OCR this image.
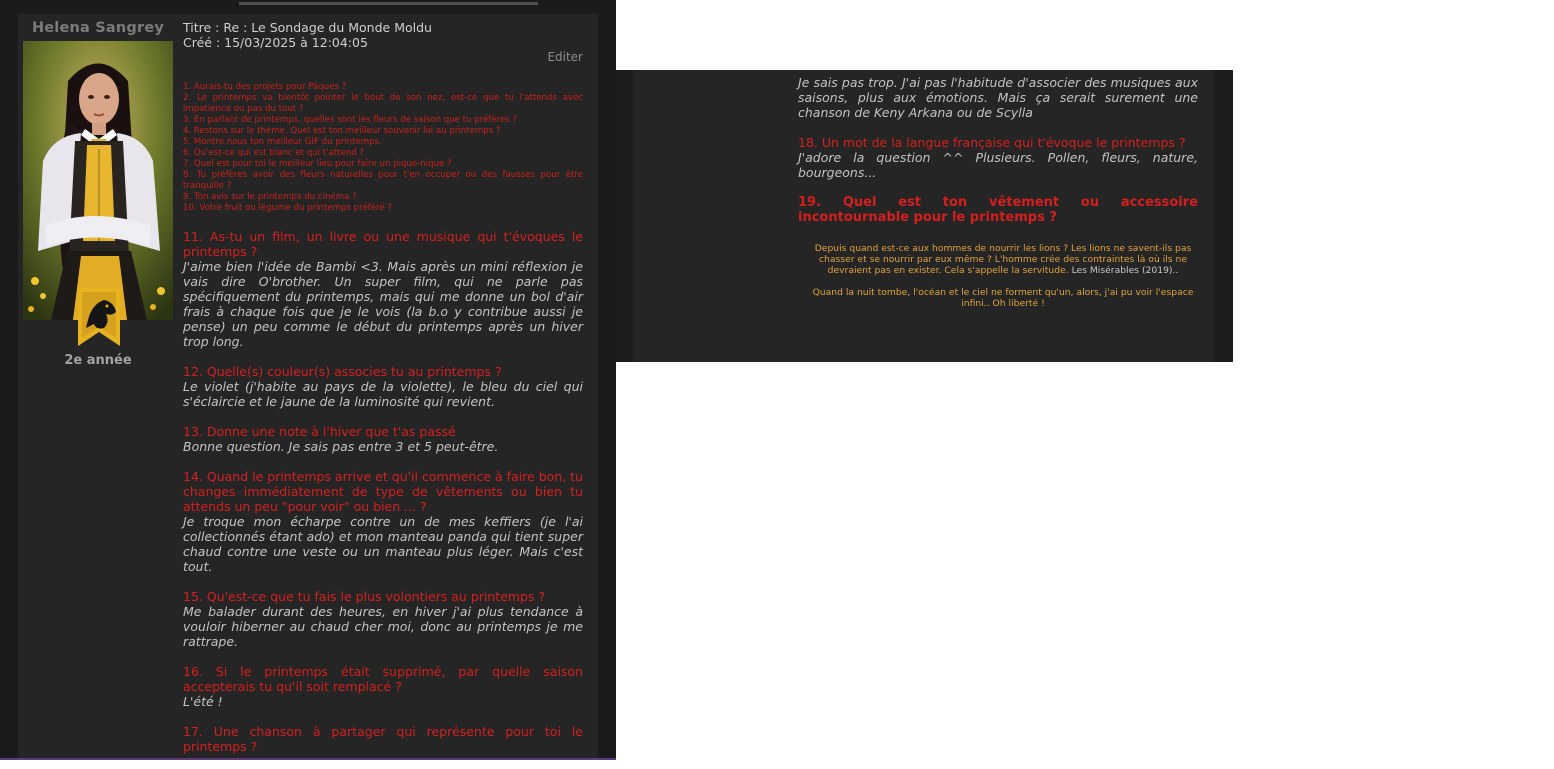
Helena Sangrey
2e année
Titre : Re : Le Sondage du Monde Moldu
Créé : 15/03/2025 à 12:04:05
Editer
1. Aurais-tu des projets pour Pâques ?
2. Le printemps va bientôt pointer le bout de son nez, est-ce que tu l'attends avec impatience ou pas du tout ?
3. En parlant de printemps, quelles sont les fleurs de saison que tu préfères ?
4. Restons sur le thème. Quel est ton meilleur souvenir lié au printemps ?
5. Montre nous ton meilleur GIF du printemps.
6. Qu'est-ce qui est blanc et qui t'attend ?
7. Quel est pour toi le meilleur lieu pour faire un pique-nique ?
8. Tu préfères avoir des fleurs naturelles pour t'en occuper ou des fausses pour être tranquille ?
9. Ton avis sur le printemps du cinéma ?
10. Votre fruit ou légume du printemps préféré ?

11. As-tu un film, un livre ou une musique qui t'évoques le printemps ?

J'aime bien l'idée de Bambi <3. Mais après un mini réflexion je vais dire O'brother. Un super film, qui ne parle pas spécifiquement du printemps, mais qui me donne un bol d'air frais à chaque fois que je le vois (la b.o y contribue aussi je pense) un peu comme le début du printemps après un hiver trop long.

12. Quelle(s) couleur(s) associes tu au printemps ?

Le violet (j'habite au pays de la violette), le bleu du ciel qui s'éclaircie et le jaune de la luminosité qui revient.

13. Donne une note à l'hiver que t'as passé

Bonne question. Je sais pas entre 3 et 5 peut-être.

14. Quand le printemps arrive et qu'il commence à faire bon, tu changes immédiatement de type de vêtements ou bien tu attends un peu "pour voir" ou bien ... ?

Je troque mon écharpe contre un de mes keffiers (je l'ai collectionnés étant ado) et mon manteau panda qui tient super chaud contre une veste ou un manteau plus léger. Mais c'est tout.

15. Qu'est-ce que tu fais le plus volontiers au printemps ?

Me balader durant des heures, en hiver j'ai plus tendance à vouloir hiberner au chaud cher moi, donc au printemps je me rattrape.

16. Si le printemps était supprimé, par quelle saison accepterais tu qu'il soit remplacé ?

L'été !

17. Une chanson à partager qui représente pour toi le printemps ?

Je sais pas trop. J'ai pas l'habitude d'associer des musiques aux saisons, plus aux émotions. Mais ça serait surement une chanson de Keny Arkana ou de Scylla

18. Un mot de la langue française qui t'évoque le printemps ?

J'adore la question ^^ Plusieurs. Pollen, fleurs, nature, bourgeons...

19. Quel est ton vêtement ou accessoire incontournable pour le printemps ?

Depuis quand est-ce aux hommes de nourrir les lions ? Les lions ne savent-ils pas chasser et se nourrir par eux même ? L'homme crée des contraintes là où ils ne devraient pas en exister. Cela s'appelle la servitude. Les Misérables (2019)..

Quand la nuit tombe, l'océan et le ciel ne forment qu'un, alors, j'ai pu voir l'espace infini.. Oh liberté !
